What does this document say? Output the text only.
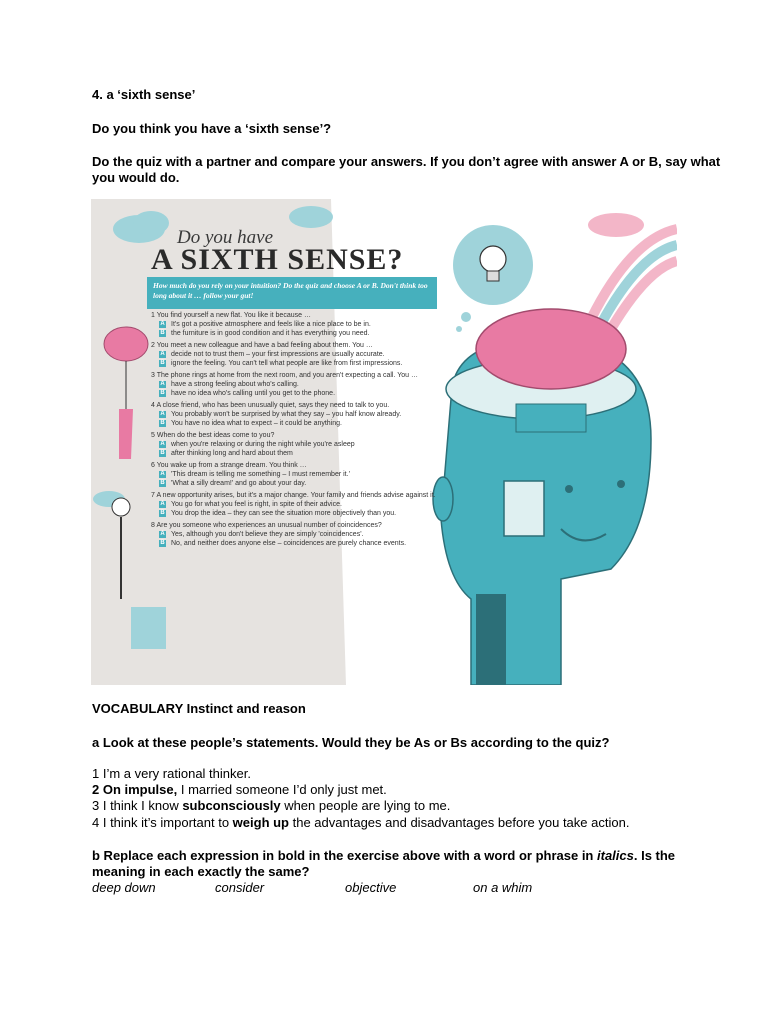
4. a ‘sixth sense’
Do you think you have a ‘sixth sense’?
Do the quiz with a partner and compare your answers. If you don’t agree with answer A or B, say what
you would do.
Do you have
A SIXTH SENSE?
How much do you rely on your intuition? Do the quiz and choose A or B. Don't think too long about it … follow your gut!
1 You find yourself a new flat. You like it because …
A It's got a positive atmosphere and feels like a nice place to be in.
B the furniture is in good condition and it has everything you need.
2 You meet a new colleague and have a bad feeling about them. You …
A decide not to trust them – your first impressions are usually accurate.
B ignore the feeling. You can't tell what people are like from first impressions.
3 The phone rings at home from the next room, and you aren't expecting a call. You …
A have a strong feeling about who's calling.
B have no idea who's calling until you get to the phone.
4 A close friend, who has been unusually quiet, says they need to talk to you.
A You probably won't be surprised by what they say – you half know already.
B You have no idea what to expect – it could be anything.
5 When do the best ideas come to you?
A when you're relaxing or during the night while you're asleep
B after thinking long and hard about them
6 You wake up from a strange dream. You think …
A 'This dream is telling me something – I must remember it.'
B 'What a silly dream!' and go about your day.
7 A new opportunity arises, but it's a major change. Your family and friends advise against it.
A You go for what you feel is right, in spite of their advice.
B You drop the idea – they can see the situation more objectively than you.
8 Are you someone who experiences an unusual number of coincidences?
A Yes, although you don't believe they are simply 'coincidences'.
B No, and neither does anyone else – coincidences are purely chance events.
VOCABULARY Instinct and reason
a Look at these people’s statements. Would they be As or Bs according to the quiz?
1 I’m a very rational thinker.
2 On impulse, I married someone I’d only just met.
3 I think I know subconsciously when people are lying to me.
4 I think it’s important to weigh up the advantages and disadvantages before you take action.
b Replace each expression in bold in the exercise above with a word or phrase in italics. Is the
meaning in each exactly the same?
deep down	consider	objective	on a whim
